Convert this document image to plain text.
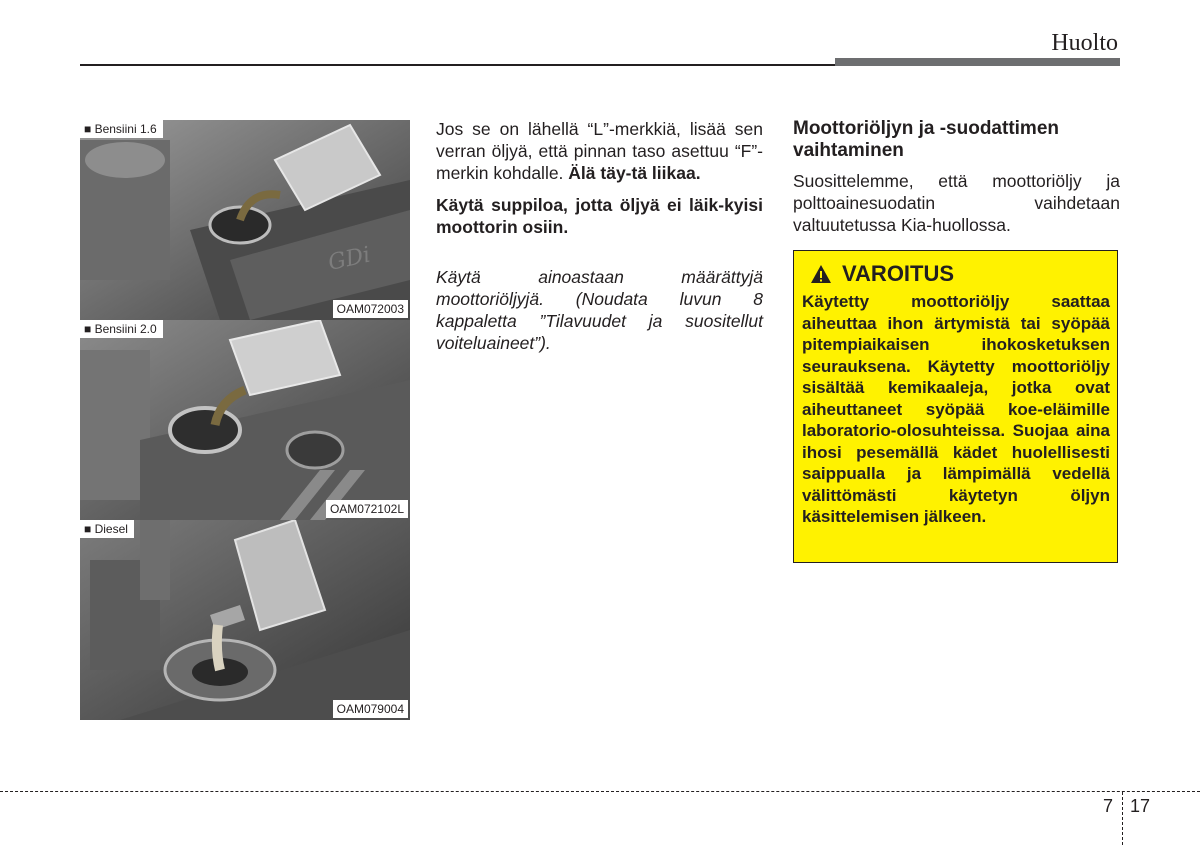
Huolto
GDi
■ Bensiini 1.6
OAM072003
■ Bensiini 2.0
OAM072102L
■ Diesel
OAM079004

Jos se on lähellä “L”-merkkiä, lisää sen verran öljyä, että pinnan taso asettuu “F”-merkin kohdalle. Älä täy-tä liikaa.

Käytä suppiloa, jotta öljyä ei läik-kyisi moottorin osiin.

Käytä ainoastaan määrättyjä moottoriöljyjä. (Noudata luvun 8 kappaletta ”Tilavuudet ja suositellut voiteluaineet”).

Moottoriöljyn ja -suodattimen vaihtaminen

Suosittelemme, että moottoriöljy ja polttoainesuodatin vaihdetaan valtuutetussa Kia-huollossa.

VAROITUS

Käytetty moottoriöljy saattaa aiheuttaa ihon ärtymistä tai syöpää pitempiaikaisen ihokosketuksen seurauksena. Käytetty moottoriöljy sisältää kemikaaleja, jotka ovat aiheuttaneet syöpää koe-eläimille laboratorio-olosuhteissa. Suojaa aina ihosi pesemällä kädet huolellisesti saippualla ja lämpimällä vedellä välittömästi käytetyn öljyn käsittelemisen jälkeen.

7 17
